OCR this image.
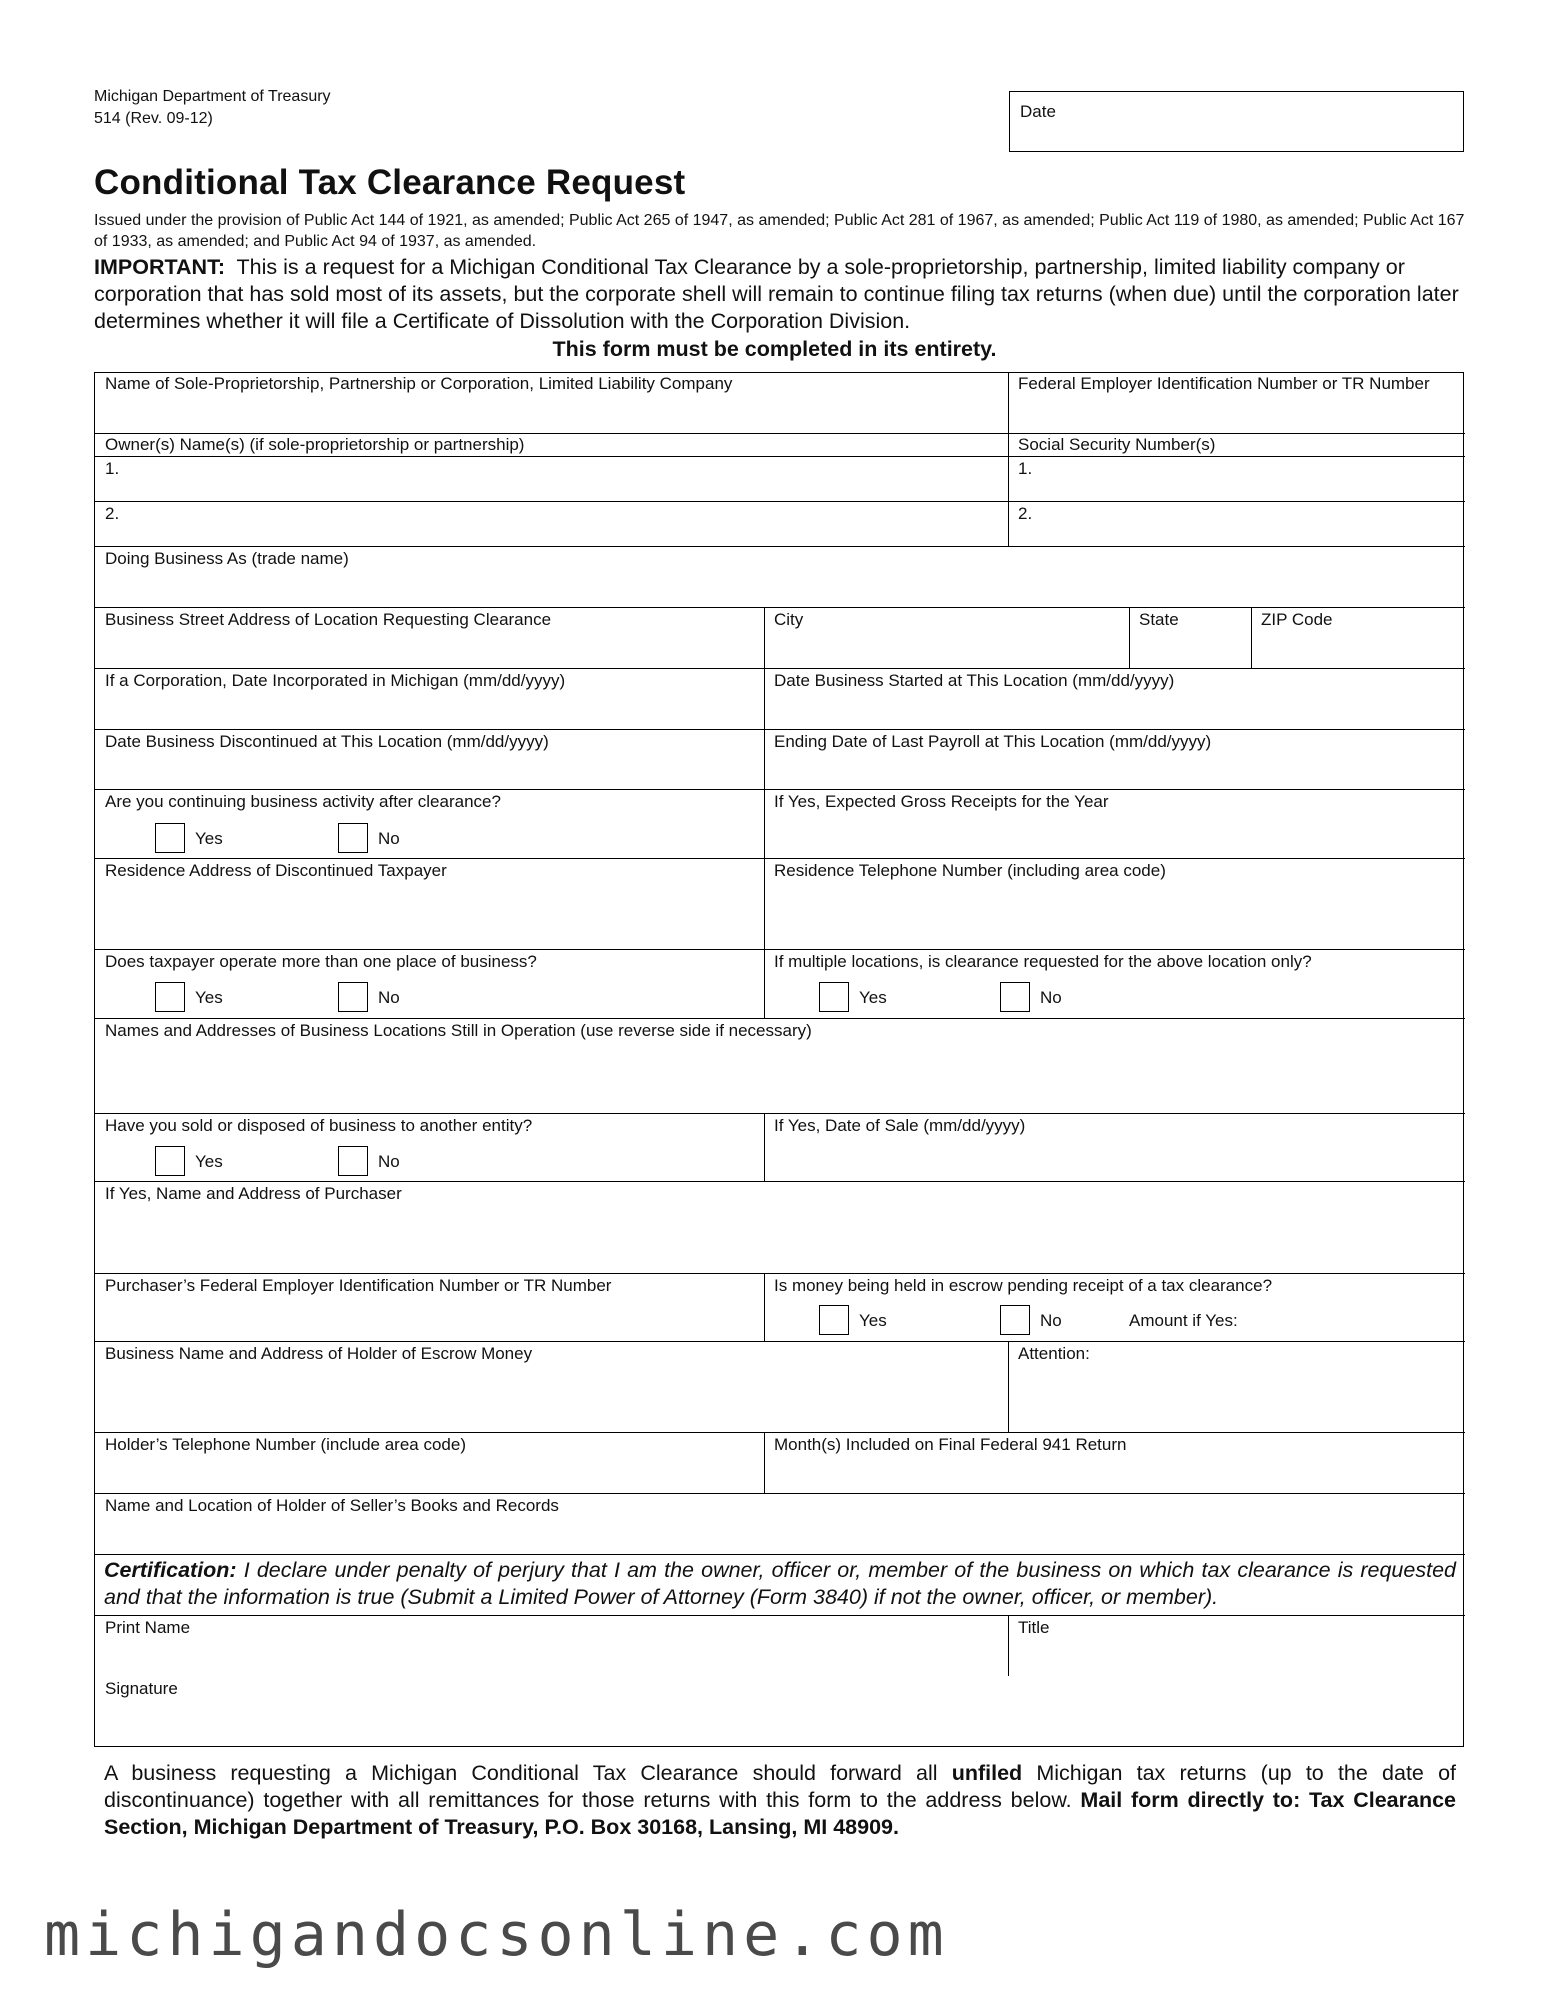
Michigan Department of Treasury
514 (Rev. 09-12)	Date
Conditional Tax Clearance Request
Issued under the provision of Public Act 144 of 1921, as amended; Public Act 265 of 1947, as amended; Public Act 281 of 1967, as amended; Public Act 119 of 1980, as amended; Public Act 167 of 1933, as amended; and Public Act 94 of 1937, as amended.
IMPORTANT: This is a request for a Michigan Conditional Tax Clearance by a sole-proprietorship, partnership, limited liability company or corporation that has sold most of its assets, but the corporate shell will remain to continue filing tax returns (when due) until the corporation later determines whether it will file a Certificate of Dissolution with the Corporation Division.
This form must be completed in its entirety.
Name of Sole-Proprietorship, Partnership or Corporation, Limited Liability Company	Federal Employer Identification Number or TR Number
Owner(s) Name(s) (if sole-proprietorship or partnership)	Social Security Number(s)
1.	1.
2.	2.
Doing Business As (trade name)
Business Street Address of Location Requesting Clearance	City	State	ZIP Code
If a Corporation, Date Incorporated in Michigan (mm/dd/yyyy)	Date Business Started at This Location (mm/dd/yyyy)
Date Business Discontinued at This Location (mm/dd/yyyy)	Ending Date of Last Payroll at This Location (mm/dd/yyyy)
Are you continuing business activity after clearance?
Yes	No
If Yes, Expected Gross Receipts for the Year
Residence Address of Discontinued Taxpayer	Residence Telephone Number (including area code)
Does taxpayer operate more than one place of business?
Yes	No
If multiple locations, is clearance requested for the above location only?
Yes	No
Names and Addresses of Business Locations Still in Operation (use reverse side if necessary)
Have you sold or disposed of business to another entity?
Yes	No
If Yes, Date of Sale (mm/dd/yyyy)
If Yes, Name and Address of Purchaser
Purchaser’s Federal Employer Identification Number or TR Number	Is money being held in escrow pending receipt of a tax clearance?
Yes	No	Amount if Yes:
Business Name and Address of Holder of Escrow Money	Attention:
Holder’s Telephone Number (include area code)	Month(s) Included on Final Federal 941 Return
Name and Location of Holder of Seller’s Books and Records
Print Name	Title
Signature
Certification: I declare under penalty of perjury that I am the owner, officer or, member of the business on which tax clearance is requested and that the information is true (Submit a Limited Power of Attorney (Form 3840) if not the owner, officer, or member).
A business requesting a Michigan Conditional Tax Clearance should forward all unfiled Michigan tax returns (up to the date of discontinuance) together with all remittances for those returns with this form to the address below. Mail form directly to: Tax Clearance Section, Michigan Department of Treasury, P.O. Box 30168, Lansing, MI 48909.
michigandocsonline.com
